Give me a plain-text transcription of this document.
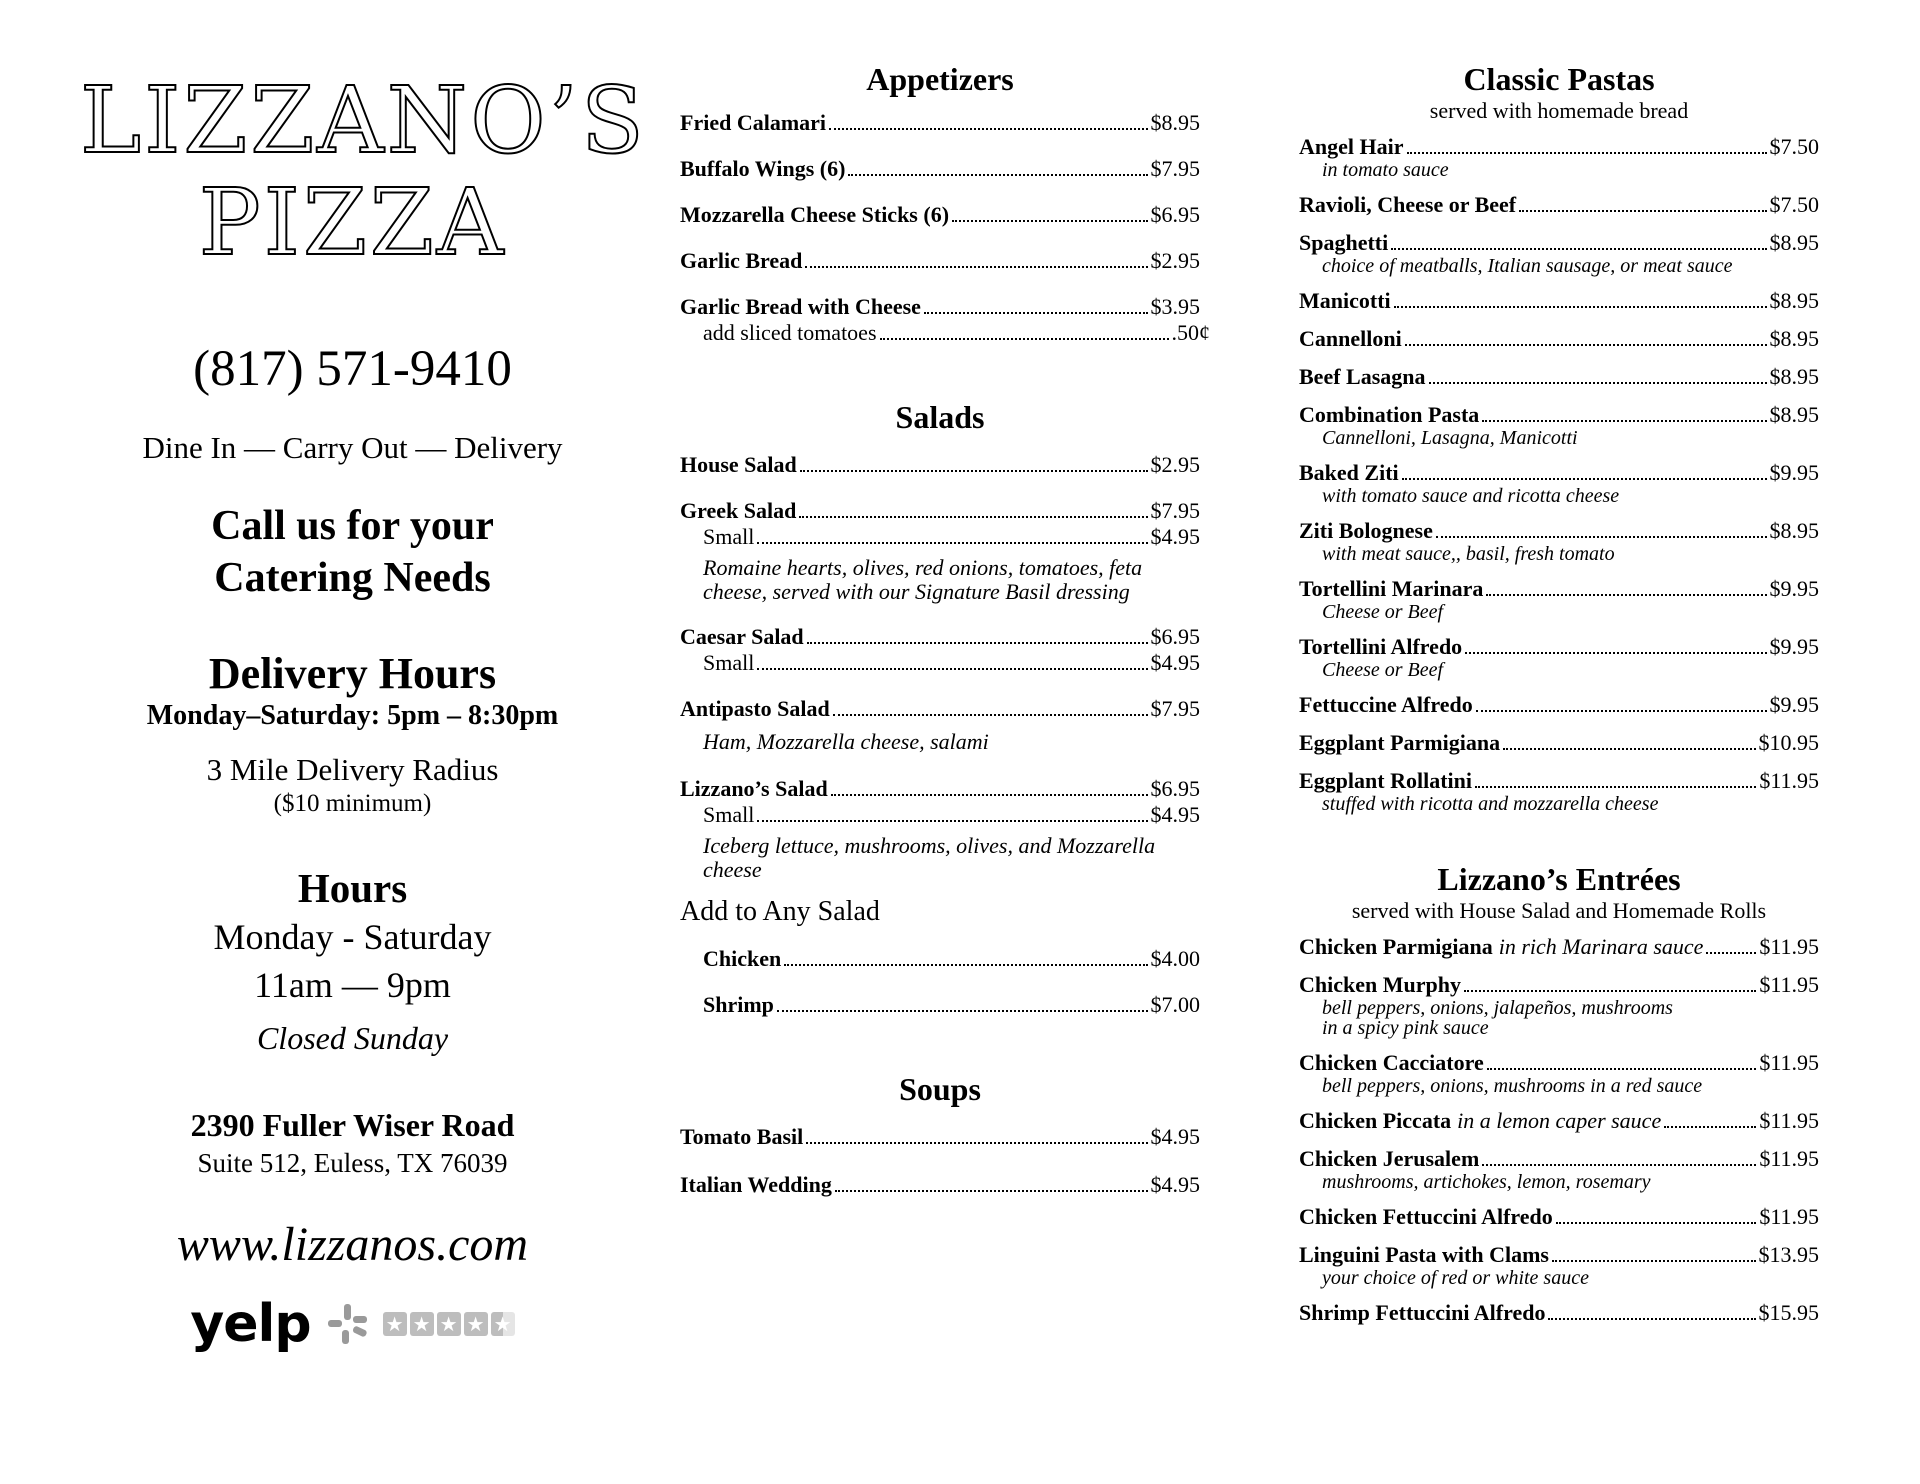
LIZZANO’S
PIZZA
(817) 571-9410
Dine In — Carry Out — Delivery
Call us for your
Catering Needs
Delivery Hours
Monday–Saturday: 5pm – 8:30pm
3 Mile Delivery Radius
($10 minimum)
Hours
Monday - Saturday
11am — 9pm
Closed Sunday
2390 Fuller Wiser Road
Suite 512, Euless, TX 76039
www.lizzanos.com
yelp	★ ★ ★ ★ ★
Appetizers
Fried Calamari	$8.95
Buffalo Wings (6)	$7.95
Mozzarella Cheese Sticks (6)	$6.95
Garlic Bread	$2.95
Garlic Bread with Cheese	$3.95
add sliced tomatoes	.50¢
Salads
House Salad	$2.95
Greek Salad	$7.95
Small	$4.95
Romaine hearts, olives, red onions, tomatoes, feta cheese, served with our Signature Basil dressing
Caesar Salad	$6.95
Small	$4.95
Antipasto Salad	$7.95
Ham, Mozzarella cheese, salami
Lizzano’s Salad	$6.95
Small	$4.95
Iceberg lettuce, mushrooms, olives, and Mozzarella cheese
Add to Any Salad
Chicken	$4.00
Shrimp	$7.00
Soups
Tomato Basil	$4.95
Italian Wedding	$4.95
Classic Pastas
served with homemade bread
Angel Hair	$7.50
in tomato sauce
Ravioli, Cheese or Beef	$7.50
Spaghetti	$8.95
choice of meatballs, Italian sausage, or meat sauce
Manicotti	$8.95
Cannelloni	$8.95
Beef Lasagna	$8.95
Combination Pasta	$8.95
Cannelloni, Lasagna, Manicotti
Baked Ziti	$9.95
with tomato sauce and ricotta cheese
Ziti Bolognese	$8.95
with meat sauce,, basil, fresh tomato
Tortellini Marinara	$9.95
Cheese or Beef
Tortellini Alfredo	$9.95
Cheese or Beef
Fettuccine Alfredo	$9.95
Eggplant Parmigiana	$10.95
Eggplant Rollatini	$11.95
stuffed with ricotta and mozzarella cheese
Lizzano’s Entrées
served with House Salad and Homemade Rolls
Chicken Parmigiana in rich Marinara sauce	$11.95
Chicken Murphy	$11.95
bell peppers, onions, jalapeños, mushrooms
in a spicy pink sauce
Chicken Cacciatore	$11.95
bell peppers, onions, mushrooms in a red sauce
Chicken Piccata in a lemon caper sauce	$11.95
Chicken Jerusalem	$11.95
mushrooms, artichokes, lemon, rosemary
Chicken Fettuccini Alfredo	$11.95
Linguini Pasta with Clams	$13.95
your choice of red or white sauce
Shrimp Fettuccini Alfredo	$15.95
